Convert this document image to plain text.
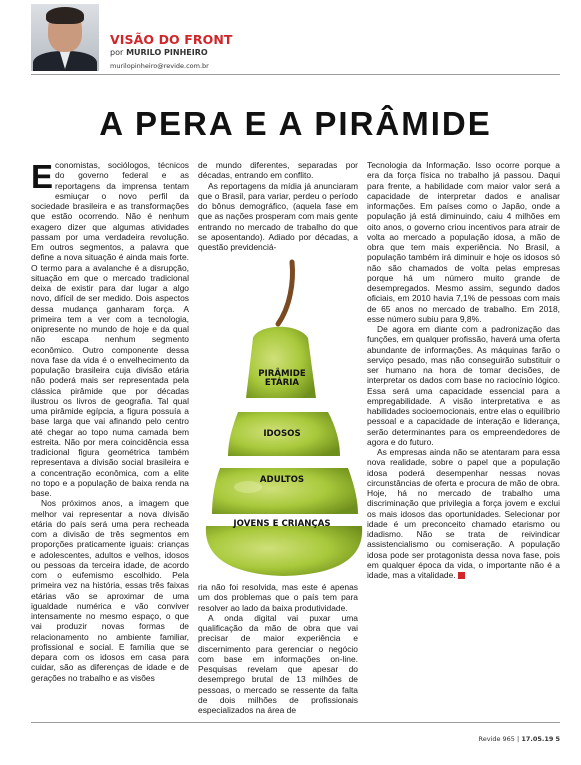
VISÃO DO FRONT
por MURILO PINHEIRO
murilopinheiro@revide.com.br
A PERA E A PIRÂMIDE

Economistas, sociólogos, técnicos do governo federal e as reportagens da imprensa tentam esmiuçar o novo perfil da sociedade brasileira e as transformações que estão ocorrendo. Não é nenhum exagero dizer que algumas atividades passam por uma verdadeira revolução. Em outros segmentos, a palavra que define a nova situação é ainda mais forte. O termo para a avalanche é a disrupção, situação em que o mercado tradicional deixa de existir para dar lugar a algo novo, difícil de ser medido. Dois aspectos dessa mudança ganharam força. A primeira tem a ver com a tecnologia, onipresente no mundo de hoje e da qual não escapa nenhum segmento econômico. Outro componente dessa nova fase da vida é o envelhecimento da população brasileira cuja divisão etária não poderá mais ser representada pela clássica pirâmide que por décadas ilustrou os livros de geografia. Tal qual uma pirâmide egípcia, a figura possuía a base larga que vai afinando pelo centro até chegar ao topo numa camada bem estreita. Não por mera coincidência essa tradicional figura geométrica também representava a divisão social brasileira e a concentração econômica, com a elite no topo e a população de baixa renda na base.

Nos próximos anos, a imagem que melhor vai representar a nova divisão etária do país será uma pera recheada com a divisão de três segmentos em proporções praticamente iguais: crianças e adolescentes, adultos e velhos, idosos ou pessoas da terceira idade, de acordo com o eufemismo escolhido. Pela primeira vez na história, essas três faixas etárias vão se aproximar de uma igualdade numérica e vão conviver intensamente no mesmo espaço, o que vai produzir novas formas de relacionamento no ambiente familiar, profissional e social. E família que se depara com os idosos em casa para cuidar, são as diferenças de idade e de gerações no trabalho e as visões

de mundo diferentes, separadas por décadas, entrando em conflito.

As reportagens da mídia já anunciaram que o Brasil, para variar, perdeu o período do bônus demográfico, (aquela fase em que as nações prosperam com mais gente entrando no mercado de trabalho do que se aposentando). Adiado por décadas, a questão previdenciá-

PIRÂMIDE
ETÁRIA
IDOSOS
ADULTOS
JOVENS E CRIANÇAS

ria não foi resolvida, mas este é apenas um dos problemas que o país tem para resolver ao lado da baixa produtividade.

A onda digital vai puxar uma qualificação da mão de obra que vai precisar de maior experiência e discernimento para gerenciar o negócio com base em informações on-line. Pesquisas revelam que apesar do desemprego brutal de 13 milhões de pessoas, o mercado se ressente da falta de dois milhões de profissionais especializados na área de

Tecnologia da Informação. Isso ocorre porque a era da força física no trabalho já passou. Daqui para frente, a habilidade com maior valor será a capacidade de interpretar dados e analisar informações. Em países como o Japão, onde a população já está diminuindo, caiu 4 milhões em oito anos, o governo criou incentivos para atrair de volta ao mercado a população idosa, a mão de obra que tem mais experiência. No Brasil, a população também irá diminuir e hoje os idosos só não são chamados de volta pelas empresas porque há um número muito grande de desempregados. Mesmo assim, segundo dados oficiais, em 2010 havia 7,1% de pessoas com mais de 65 anos no mercado de trabalho. Em 2018, esse número subiu para 9,8%.

De agora em diante com a padronização das funções, em qualquer profissão, haverá uma oferta abundante de informações. As máquinas farão o serviço pesado, mas não conseguirão substituir o ser humano na hora de tomar decisões, de interpretar os dados com base no raciocínio lógico. Essa será uma capacidade essencial para a empregabilidade. A visão interpretativa e as habilidades socioemocionais, entre elas o equilíbrio pessoal e a capacidade de interação e liderança, serão determinantes para os empreendedores de agora e do futuro.

As empresas ainda não se atentaram para essa nova realidade, sobre o papel que a população idosa poderá desempenhar nessas novas circunstâncias de oferta e procura de mão de obra. Hoje, há no mercado de trabalho uma discriminação que privilegia a força jovem e exclui os mais idosos das oportunidades. Selecionar por idade é um preconceito chamado etarismo ou idadismo. Não se trata de reivindicar assistencialismo ou comiseração. A população idosa pode ser protagonista dessa nova fase, pois em qualquer época da vida, o importante não é a idade, mas a vitalidade. R

Revide 965 | 17.05.19 5
